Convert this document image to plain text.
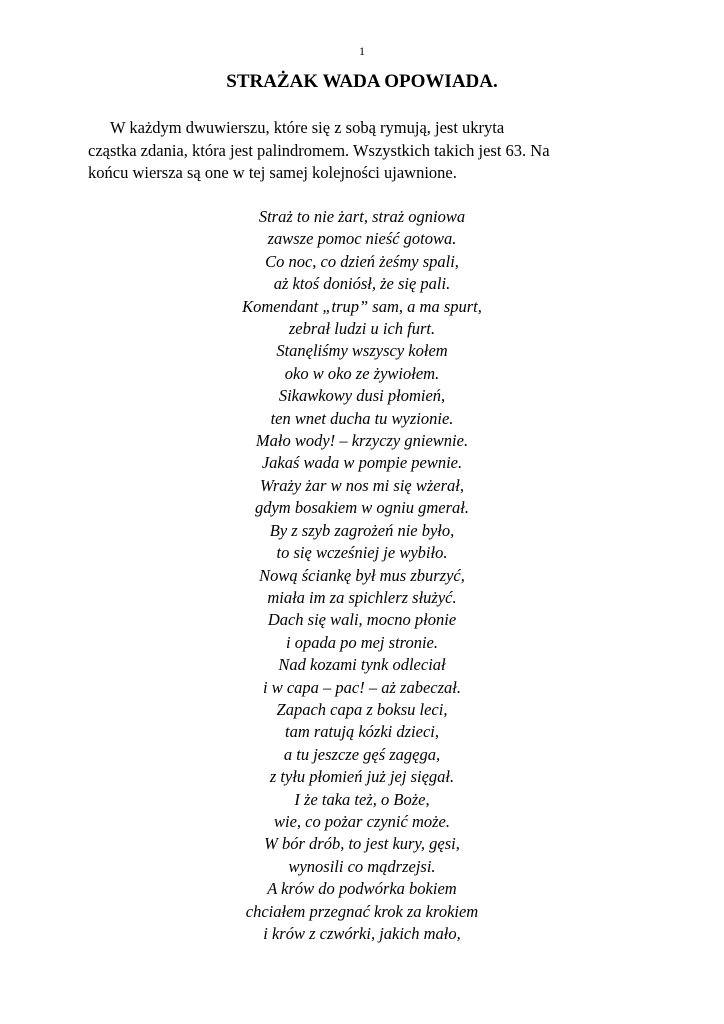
1
STRAŻAK WADA OPOWIADA.

W każdym dwuwierszu, które się z sobą rymują, jest ukryta
cząstka zdania, która jest palindromem. Wszystkich takich jest 63. Na
końcu wiersza są one w tej samej kolejności ujawnione.

Straż to nie żart, straż ogniowa
zawsze pomoc nieść gotowa.
Co noc, co dzień żeśmy spali,
aż ktoś doniósł, że się pali.
Komendant „trup” sam, a ma spurt,
zebrał ludzi u ich furt.
Stanęliśmy wszyscy kołem
oko w oko ze żywiołem.
Sikawkowy dusi płomień,
ten wnet ducha tu wyzionie.
Mało wody! – krzyczy gniewnie.
Jakaś wada w pompie pewnie.
Wraży żar w nos mi się wżerał,
gdym bosakiem w ogniu gmerał.
By z szyb zagrożeń nie było,
to się wcześniej je wybiło.
Nową ściankę był mus zburzyć,
miała im za spichlerz służyć.
Dach się wali, mocno płonie
i opada po mej stronie.
Nad kozami tynk odleciał
i w capa – pac! – aż zabeczał.
Zapach capa z boksu leci,
tam ratują kózki dzieci,
a tu jeszcze gęś zagęga,
z tyłu płomień już jej sięgał.
I że taka też, o Boże,
wie, co pożar czynić może.
W bór drób, to jest kury, gęsi,
wynosili co mądrzejsi.
A krów do podwórka bokiem
chciałem przegnać krok za krokiem
i krów z czwórki, jakich mało,
